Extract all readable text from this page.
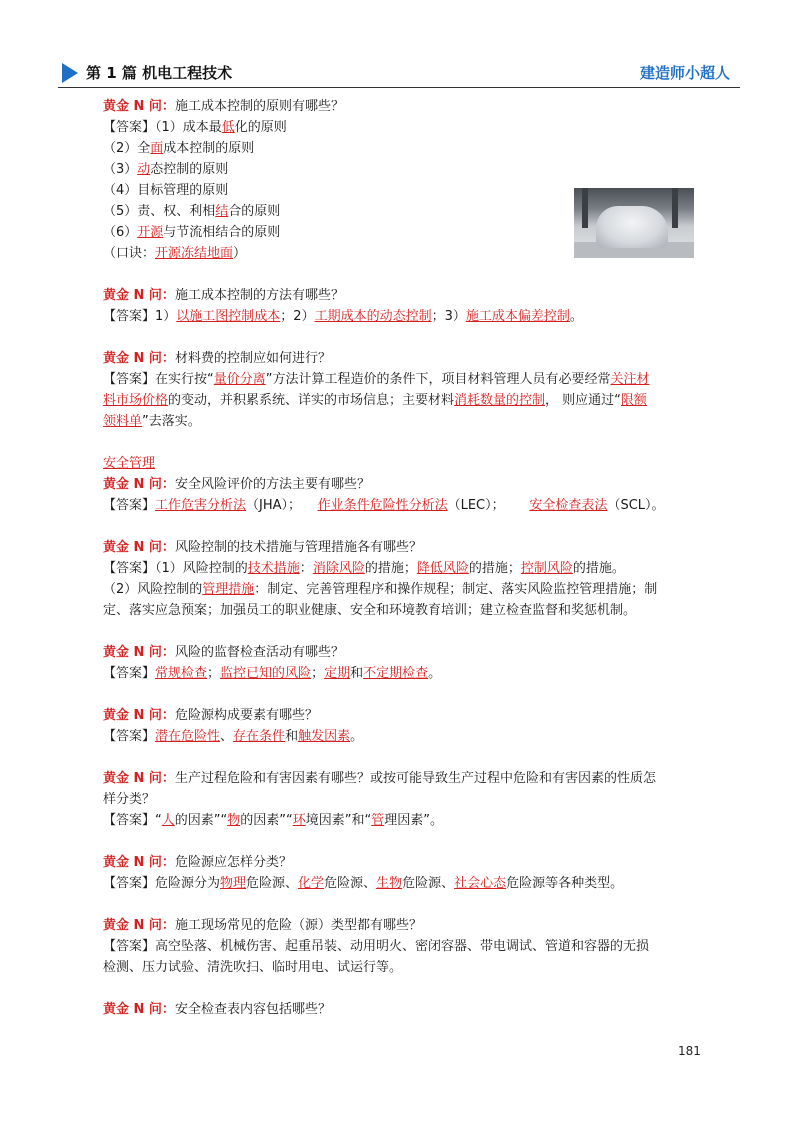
第 1 篇 机电工程技术	建造师小超人
黄金 N 问：施工成本控制的原则有哪些？
【答案】（1）成本最低化的原则
（2）全面成本控制的原则
（3）动态控制的原则
（4）目标管理的原则
（5）责、权、利相结合的原则
（6）开源与节流相结合的原则
（口诀：开源冻结地面）
黄金 N 问：施工成本控制的方法有哪些？
【答案】1）以施工图控制成本；2）工期成本的动态控制；3）施工成本偏差控制。
黄金 N 问：材料费的控制应如何进行？
【答案】在实行按“量价分离”方法计算工程造价的条件下，项目材料管理人员有必要经常关注材
料市场价格的变动，并积累系统、详实的市场信息；主要材料消耗数量的控制， 则应通过“限额
领料单”去落实。
安全管理
黄金 N 问：安全风险评价的方法主要有哪些？
【答案】工作危害分析法（JHA）；    作业条件危险性分析法（LEC）；      安全检查表法（SCL）。
黄金 N 问：风险控制的技术措施与管理措施各有哪些？
【答案】（1）风险控制的技术措施：消除风险的措施；降低风险的措施；控制风险的措施。
（2）风险控制的管理措施：制定、完善管理程序和操作规程；制定、落实风险监控管理措施；制
定、落实应急预案；加强员工的职业健康、安全和环境教育培训；建立检查监督和奖惩机制。
黄金 N 问：风险的监督检查活动有哪些？
【答案】常规检查；监控已知的风险；定期和不定期检查。
黄金 N 问：危险源构成要素有哪些？
【答案】潜在危险性、存在条件和触发因素。
黄金 N 问：生产过程危险和有害因素有哪些？或按可能导致生产过程中危险和有害因素的性质怎
样分类？
【答案】“人的因素”“物的因素”“环境因素”和“管理因素”。
黄金 N 问：危险源应怎样分类？
【答案】危险源分为物理危险源、化学危险源、生物危险源、社会心态危险源等各种类型。
黄金 N 问：施工现场常见的危险（源）类型都有哪些？
【答案】高空坠落、机械伤害、起重吊装、动用明火、密闭容器、带电调试、管道和容器的无损
检测、压力试验、清洗吹扫、临时用电、试运行等。
黄金 N 问：安全检查表内容包括哪些？
181
